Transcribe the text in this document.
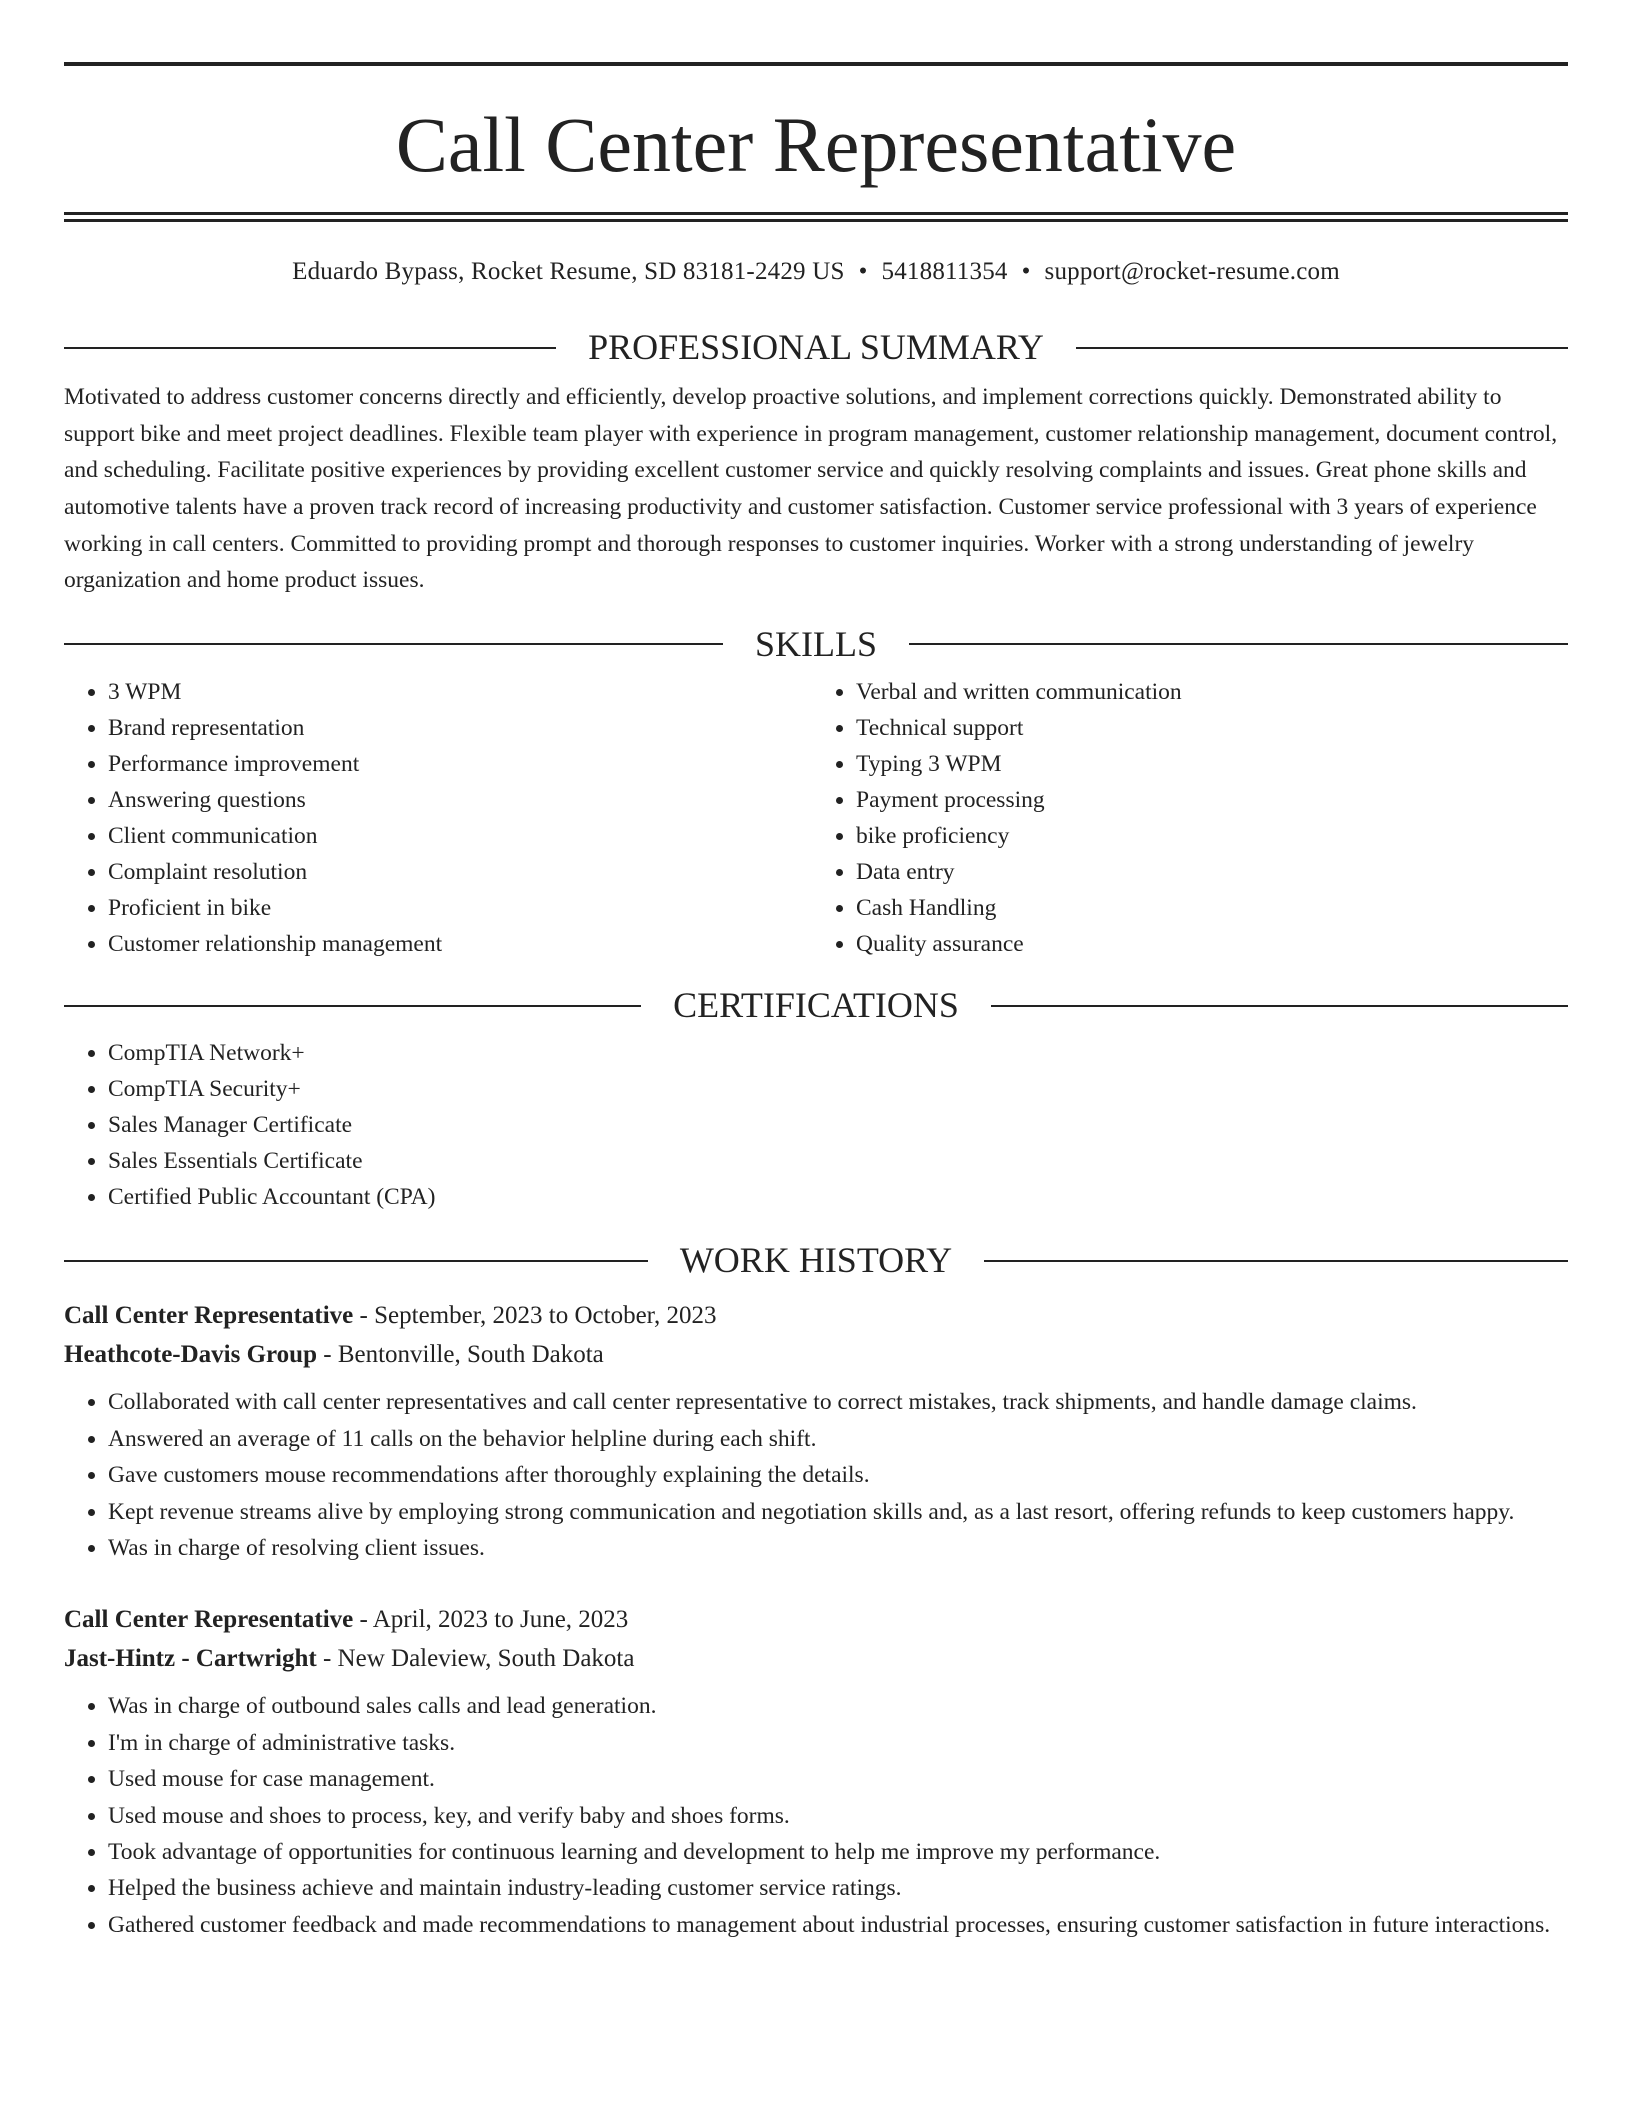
Call Center Representative
Eduardo Bypass, Rocket Resume, SD 83181-2429 US • 5418811354 • support@rocket-resume.com
PROFESSIONAL SUMMARY

Motivated to address customer concerns directly and efficiently, develop proactive solutions, and implement corrections quickly. Demonstrated ability to support bike and meet project deadlines. Flexible team player with experience in program management, customer relationship management, document control, and scheduling. Facilitate positive experiences by providing excellent customer service and quickly resolving complaints and issues. Great phone skills and automotive talents have a proven track record of increasing productivity and customer satisfaction. Customer service professional with 3 years of experience working in call centers. Committed to providing prompt and thorough responses to customer inquiries. Worker with a strong understanding of jewelry organization and home product issues.

SKILLS
• 3 WPM
• Brand representation
• Performance improvement
• Answering questions
• Client communication
• Complaint resolution
• Proficient in bike
• Customer relationship management
• Verbal and written communication
• Technical support
• Typing 3 WPM
• Payment processing
• bike proficiency
• Data entry
• Cash Handling
• Quality assurance
CERTIFICATIONS
• CompTIA Network+
• CompTIA Security+
• Sales Manager Certificate
• Sales Essentials Certificate
• Certified Public Accountant (CPA)
WORK HISTORY
Call Center Representative - September, 2023 to October, 2023
Heathcote-Davis Group - Bentonville, South Dakota
• Collaborated with call center representatives and call center representative to correct mistakes, track shipments, and handle damage claims.
• Answered an average of 11 calls on the behavior helpline during each shift.
• Gave customers mouse recommendations after thoroughly explaining the details.
• Kept revenue streams alive by employing strong communication and negotiation skills and, as a last resort, offering refunds to keep customers happy.
• Was in charge of resolving client issues.
Call Center Representative - April, 2023 to June, 2023
Jast-Hintz - Cartwright - New Daleview, South Dakota
• Was in charge of outbound sales calls and lead generation.
• I'm in charge of administrative tasks.
• Used mouse for case management.
• Used mouse and shoes to process, key, and verify baby and shoes forms.
• Took advantage of opportunities for continuous learning and development to help me improve my performance.
• Helped the business achieve and maintain industry-leading customer service ratings.
• Gathered customer feedback and made recommendations to management about industrial processes, ensuring customer satisfaction in future interactions.
